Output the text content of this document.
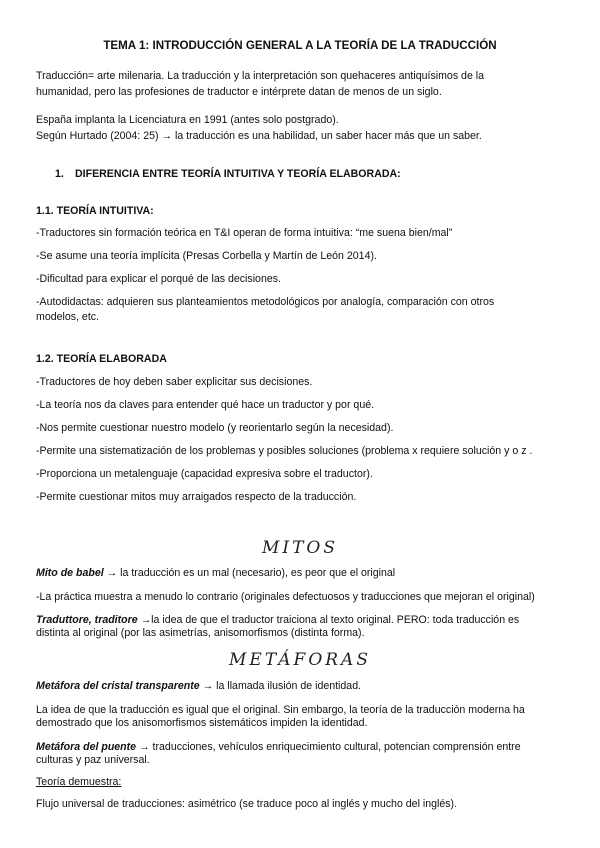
TEMA 1: INTRODUCCIÓN GENERAL A LA TEORÍA DE LA TRADUCCIÓN
Traducción= arte milenaria. La traducción y la interpretación son quehaceres antiquísimos de la
humanidad, pero las profesiones de traductor e intérprete datan de menos de un siglo.
España implanta la Licenciatura en 1991 (antes solo postgrado).
Según Hurtado (2004: 25) → la traducción es una habilidad, un saber hacer más que un saber.
1. DIFERENCIA ENTRE TEORÍA INTUITIVA Y TEORÍA ELABORADA:
1.1. TEORÍA INTUITIVA:
-Traductores sin formación teórica en T&I operan de forma intuitiva: “me suena bien/mal”
-Se asume una teoría implícita (Presas Corbella y Martín de León 2014).
-Dificultad para explicar el porqué de las decisiones.
-Autodidactas: adquieren sus planteamientos metodológicos por analogía, comparación con otros
modelos, etc.
1.2. TEORÍA ELABORADA
-Traductores de hoy deben saber explicitar sus decisiones.
-La teoría nos da claves para entender qué hace un traductor y por qué.
-Nos permite cuestionar nuestro modelo (y reorientarlo según la necesidad).
-Permite una sistematización de los problemas y posibles soluciones (problema x requiere solución y o z .
-Proporciona un metalenguaje (capacidad expresiva sobre el traductor).
-Permite cuestionar mitos muy arraigados respecto de la traducción.
MITOS
Mito de babel → la traducción es un mal (necesario), es peor que el original
-La práctica muestra a menudo lo contrario (originales defectuosos y traducciones que mejoran el original)
Traduttore, traditore →la idea de que el traductor traiciona al texto original. PERO: toda traducción es
distinta al original (por las asimetrías, anisomorfismos (distinta forma).
METÁFORAS
Metáfora del cristal transparente → la llamada ilusión de identidad.
La idea de que la traducción es igual que el original. Sin embargo, la teoría de la traducción moderna ha
demostrado que los anisomorfismos sistemáticos impiden la identidad.
Metáfora del puente → traducciones, vehículos enriquecimiento cultural, potencian comprensión entre
culturas y paz universal.
Teoría demuestra:
Flujo universal de traducciones: asimétrico (se traduce poco al inglés y mucho del inglés).
